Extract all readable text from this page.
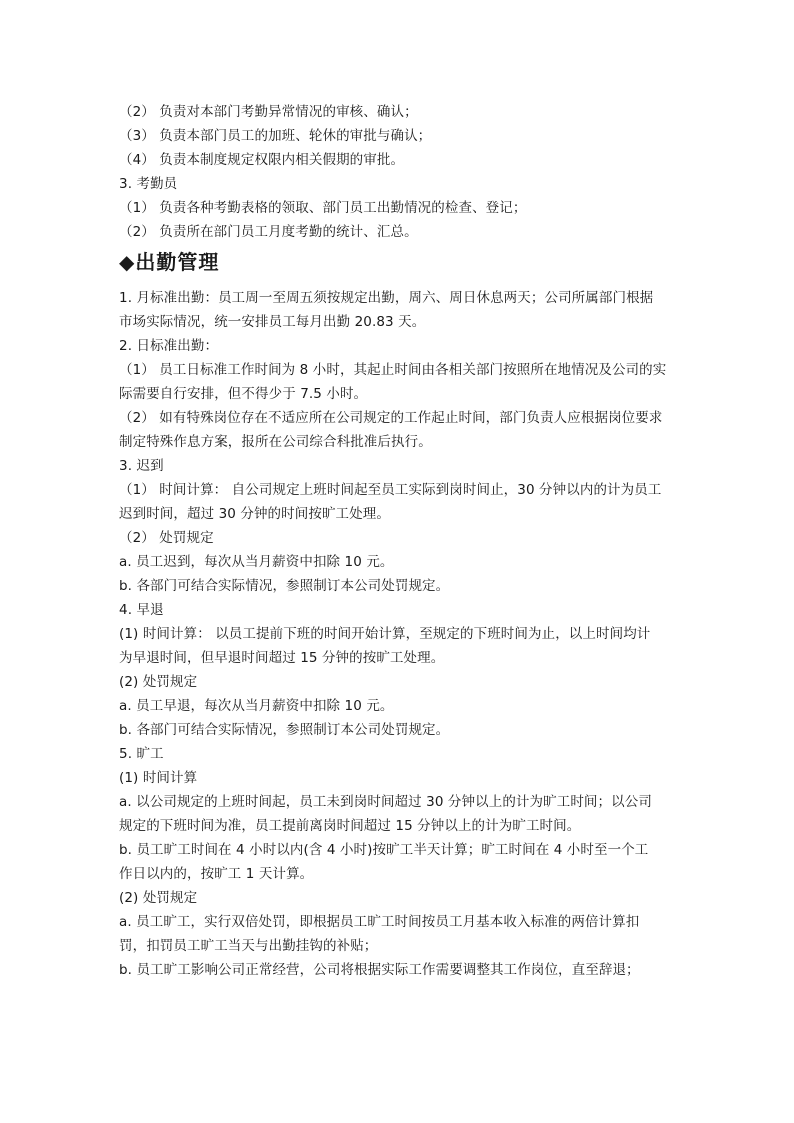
（2） 负责对本部门考勤异常情况的审核、确认；
（3） 负责本部门员工的加班、轮休的审批与确认；
（4） 负责本制度规定权限内相关假期的审批。
3. 考勤员
（1） 负责各种考勤表格的领取、部门员工出勤情况的检查、登记；
（2） 负责所在部门员工月度考勤的统计、汇总。
◆出勤管理
1. 月标准出勤：员工周一至周五须按规定出勤，周六、周日休息两天；公司所属部门根据
市场实际情况，统一安排员工每月出勤 20.83 天。
2. 日标准出勤：
（1） 员工日标准工作时间为 8 小时，其起止时间由各相关部门按照所在地情况及公司的实
际需要自行安排，但不得少于 7.5 小时。
（2） 如有特殊岗位存在不适应所在公司规定的工作起止时间，部门负责人应根据岗位要求
制定特殊作息方案，报所在公司综合科批准后执行。
3. 迟到
（1） 时间计算： 自公司规定上班时间起至员工实际到岗时间止，30 分钟以内的计为员工
迟到时间，超过 30 分钟的时间按旷工处理。
（2） 处罚规定
a. 员工迟到，每次从当月薪资中扣除 10 元。
b. 各部门可结合实际情况，参照制订本公司处罚规定。
4. 早退
(1) 时间计算： 以员工提前下班的时间开始计算，至规定的下班时间为止，以上时间均计
为早退时间，但早退时间超过 15 分钟的按旷工处理。
(2) 处罚规定
a. 员工早退，每次从当月薪资中扣除 10 元。
b. 各部门可结合实际情况，参照制订本公司处罚规定。
5. 旷工
(1) 时间计算
a. 以公司规定的上班时间起，员工未到岗时间超过 30 分钟以上的计为旷工时间；以公司
规定的下班时间为准，员工提前离岗时间超过 15 分钟以上的计为旷工时间。
b. 员工旷工时间在 4 小时以内(含 4 小时)按旷工半天计算；旷工时间在 4 小时至一个工
作日以内的，按旷工 1 天计算。
(2) 处罚规定
a. 员工旷工，实行双倍处罚，即根据员工旷工时间按员工月基本收入标准的两倍计算扣
罚，扣罚员工旷工当天与出勤挂钩的补贴；
b. 员工旷工影响公司正常经营，公司将根据实际工作需要调整其工作岗位，直至辞退；
